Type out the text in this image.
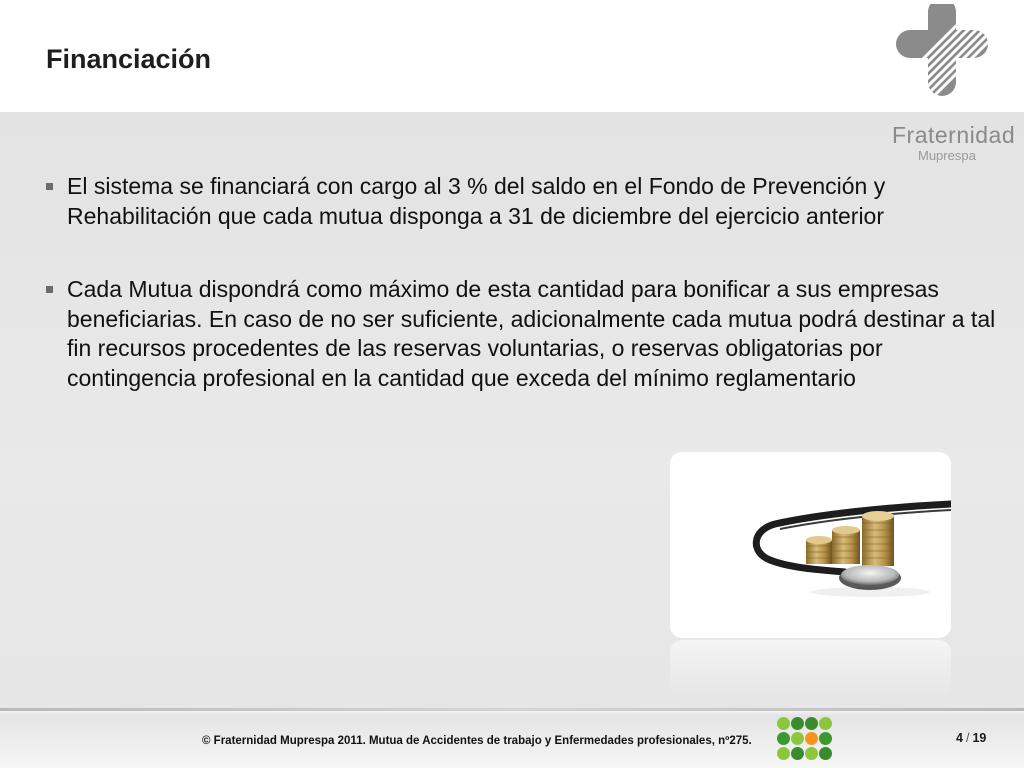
Financiación
Fraternidad
Muprespa
El sistema se financiará con cargo al 3 % del saldo en el Fondo de Prevención y Rehabilitación que cada mutua disponga a 31 de diciembre del ejercicio anterior
Cada Mutua dispondrá como máximo de esta cantidad para bonificar a sus empresas beneficiarias. En caso de no ser suficiente, adicionalmente cada mutua podrá destinar a tal fin recursos procedentes de las reservas voluntarias, o reservas obligatorias por contingencia profesional en la cantidad que exceda del mínimo reglamentario
© Fraternidad Muprespa 2011. Mutua de Accidentes de trabajo y Enfermedades profesionales, nº275.	4 / 19
